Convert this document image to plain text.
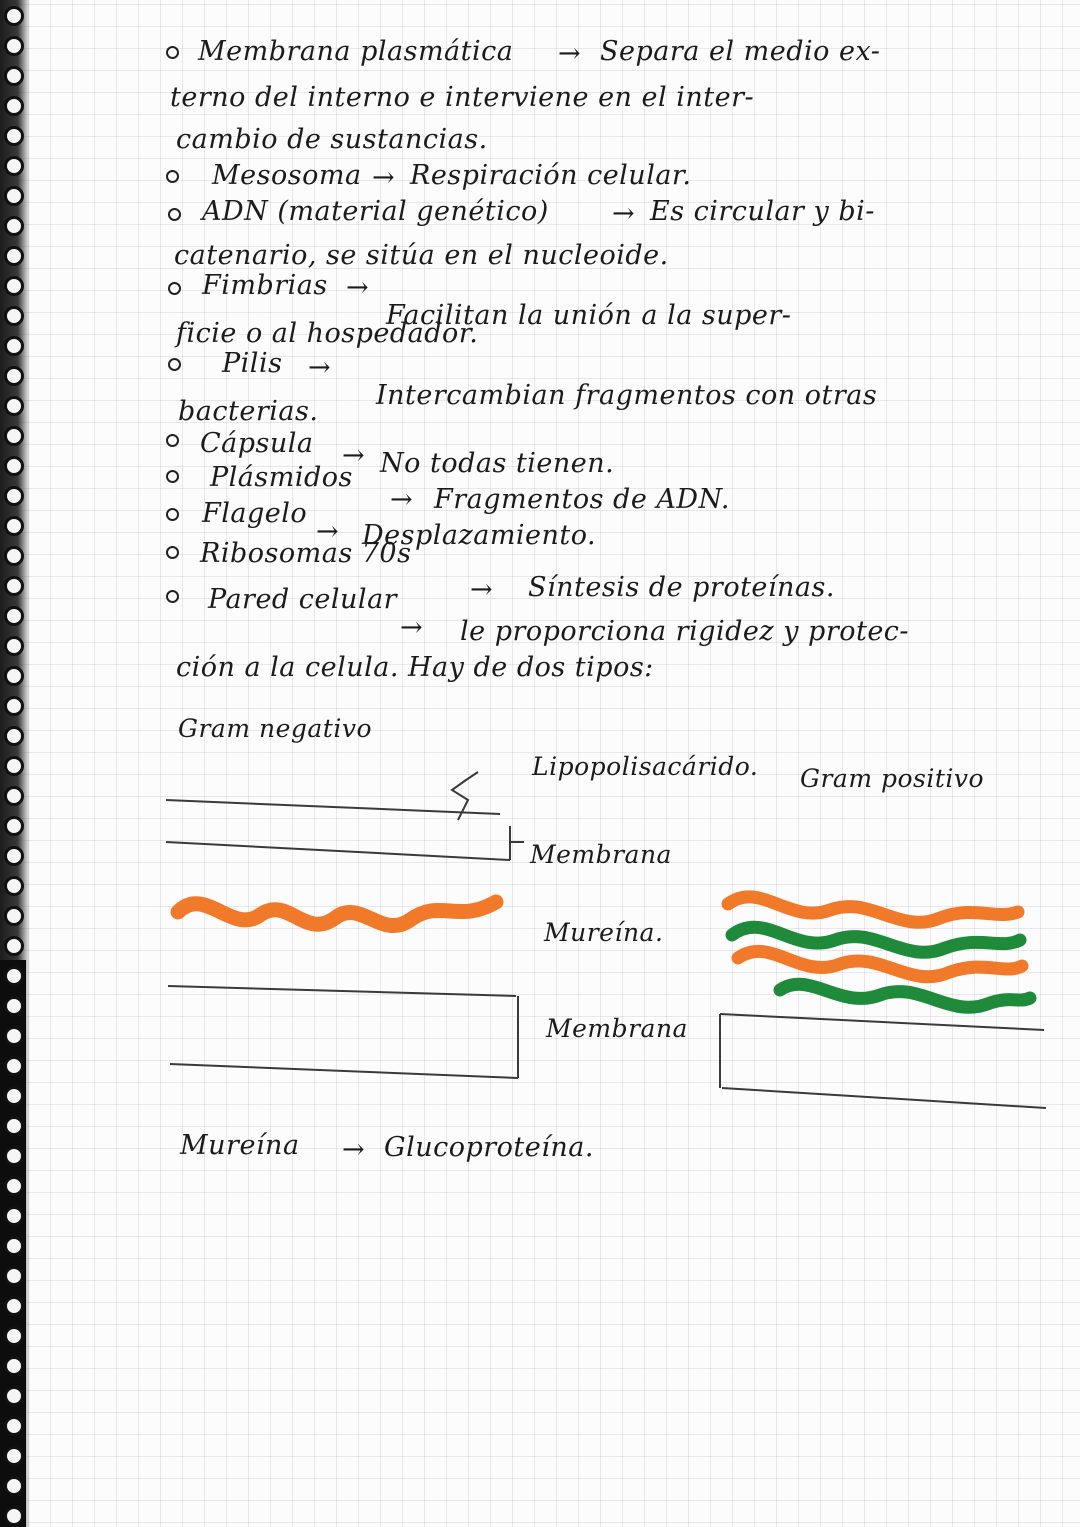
Membrana plasmática → Separa el medio ex-
terno del interno e interviene en el inter-
cambio de sustancias.
Mesosoma → Respiración celular.
ADN (material genético) → Es circular y bi-
catenario, se sitúa en el nucleoide.
Fimbrias →
Facilitan la unión a la super-
ficie o al hospedador.
Pilis →
Intercambian fragmentos con otras
bacterias.
Cápsula → No todas tienen.
Plásmidos
→ Fragmentos de ADN.
Flagelo
→ Desplazamiento.
Ribosomas 70s
→ Síntesis de proteínas.
Pared celular
→ le proporciona rigidez y protec-
ción a la celula. Hay de dos tipos:
Gram negativo
Gram positivo
Lipopolisacárido.
Membrana
Mureína.
Membrana
Mureína → Glucoproteína.
